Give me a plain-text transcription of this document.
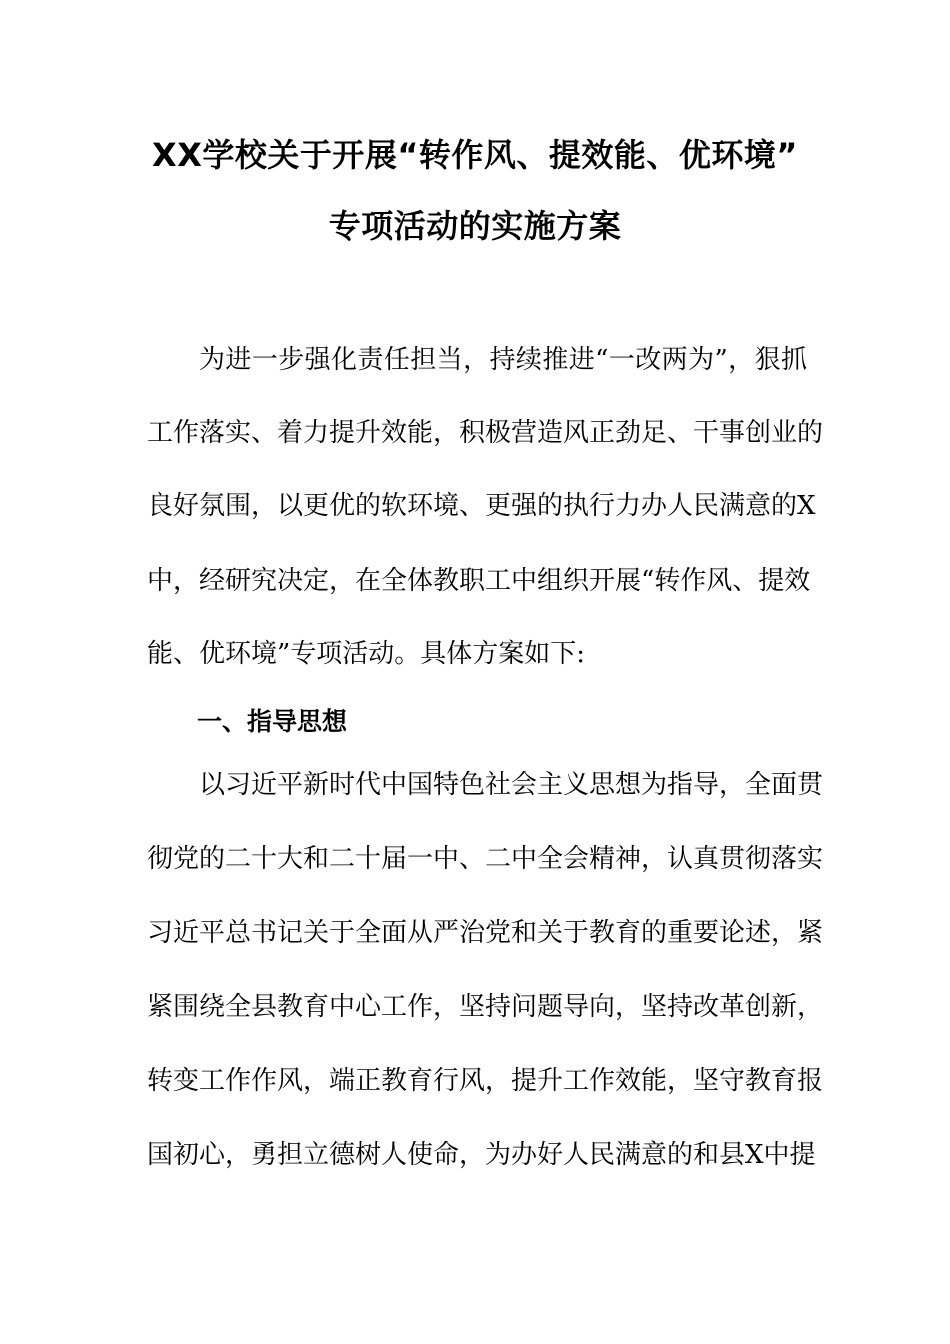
XX学校关于开展“转作风、提效能、优环境”
专项活动的实施方案
为进一步强化责任担当，持续推进“一改两为”，狠抓
工作落实、着力提升效能，积极营造风正劲足、干事创业的
良好氛围，以更优的软环境、更强的执行力办人民满意的X
中，经研究决定，在全体教职工中组织开展“转作风、提效
能、优环境”专项活动。具体方案如下:
一、指导思想
以习近平新时代中国特色社会主义思想为指导，全面贯
彻党的二十大和二十届一中、二中全会精神，认真贯彻落实
习近平总书记关于全面从严治党和关于教育的重要论述，紧
紧围绕全县教育中心工作，坚持问题导向，坚持改革创新，
转变工作作风，端正教育行风，提升工作效能，坚守教育报
国初心，勇担立德树人使命，为办好人民满意的和县X中提
